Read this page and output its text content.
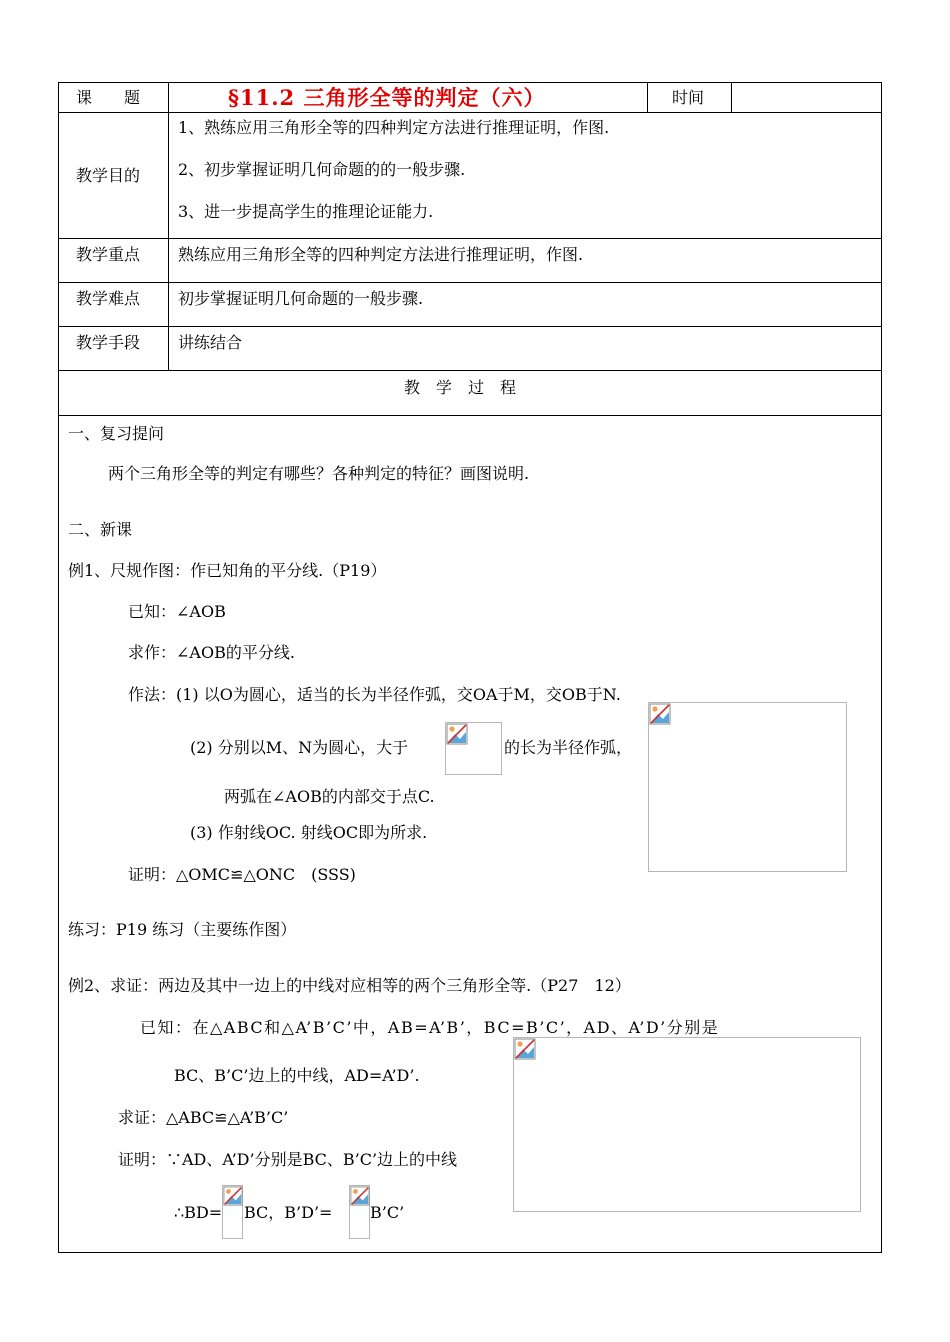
课　　题	§11.2 三角形全等的判定（六）	时间
教学目的
1、熟练应用三角形全等的四种判定方法进行推理证明，作图.
2、初步掌握证明几何命题的的一般步骤.
3、进一步提高学生的推理论证能力.
教学重点 熟练应用三角形全等的四种判定方法进行推理证明，作图.
教学难点 初步掌握证明几何命题的一般步骤.
教学手段 讲练结合
教　学　过　程
一、复习提问
两个三角形全等的判定有哪些？各种判定的特征？画图说明.
二、新课
例1、尺规作图：作已知角的平分线.（P19）
已知：∠AOB
求作：∠AOB的平分线.
作法：(1) 以O为圆心，适当的长为半径作弧，交OA于M，交OB于N.
(2) 分别以M、N为圆心，大于	的长为半径作弧，
两弧在∠AOB的内部交于点C.
(3) 作射线OC. 射线OC即为所求.
证明：△OMC≌△ONC　(SSS)
练习：P19 练习（主要练作图）
例2、求证：两边及其中一边上的中线对应相等的两个三角形全等.（P27　12）
已知：在△ABC和△A’B’C’中，AB=A’B’，BC=B’C’，AD、A’D’分别是
BC、B’C’边上的中线，AD=A’D’.
求证：△ABC≌△A’B’C’
证明：∵AD、A’D’分别是BC、B’C’边上的中线
∴BD= BC，B’D’= B’C’
